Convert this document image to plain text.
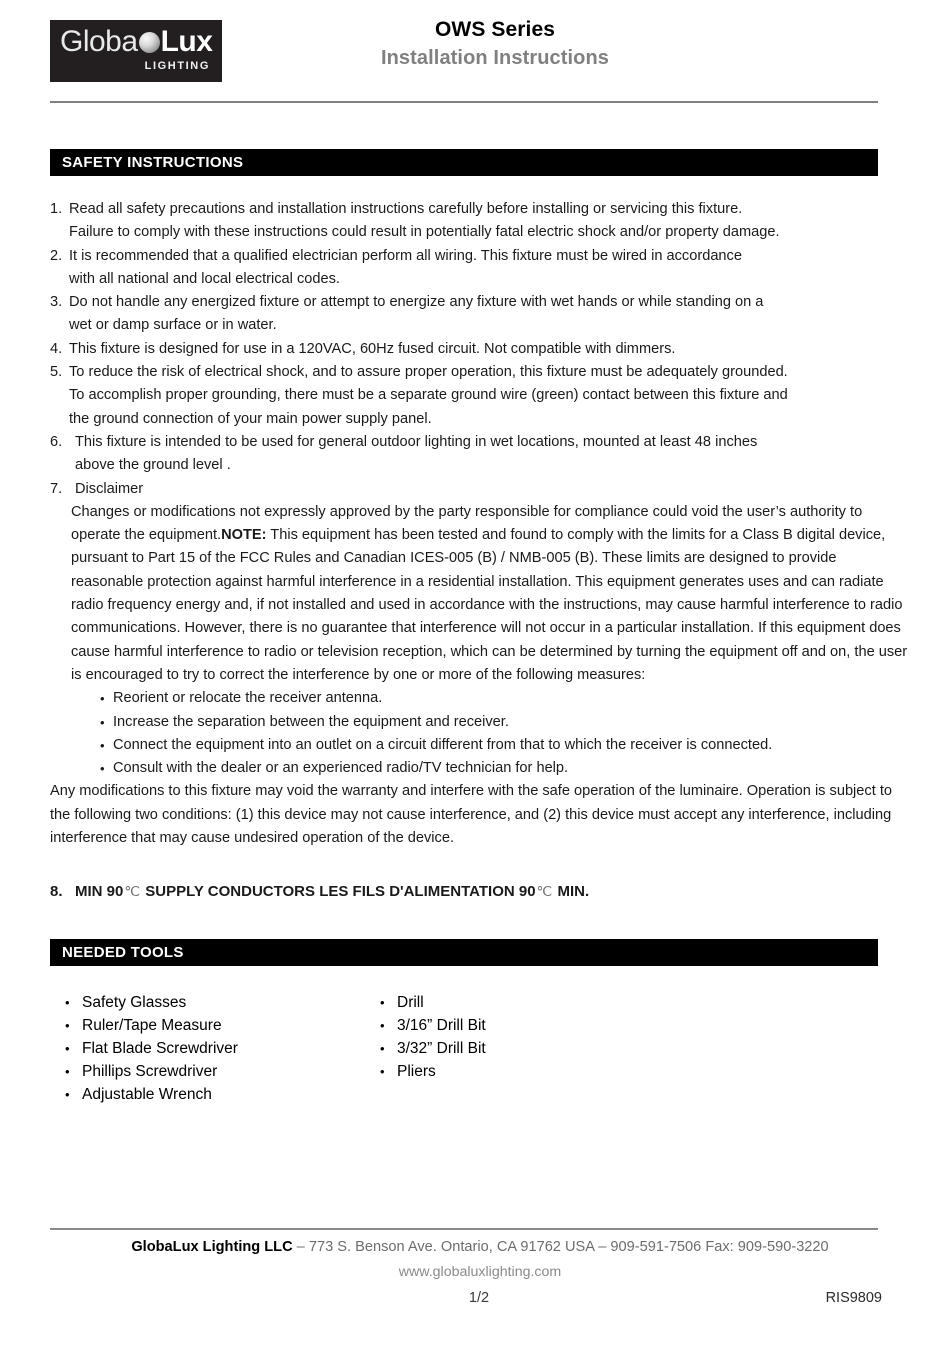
Globa Lux
LIGHTING
OWS Series
Installation Instructions
SAFETY INSTRUCTIONS
1. Read all safety precautions and installation instructions carefully before installing or servicing this fixture.

Failure to comply with these instructions could result in potentially fatal electric shock and/or property damage.

2. It is recommended that a qualified electrician perform all wiring. This fixture must be wired in accordance

with all national and local electrical codes.

3. Do not handle any energized fixture or attempt to energize any fixture with wet hands or while standing on a

wet or damp surface or in water.

4. This fixture is designed for use in a 120VAC, 60Hz fused circuit. Not compatible with dimmers.

5. To reduce the risk of electrical shock, and to assure proper operation, this fixture must be adequately grounded.

To accomplish proper grounding, there must be a separate ground wire (green) contact between this fixture and

the ground connection of your main power supply panel.

6. This fixture is intended to be used for general outdoor lighting in wet locations, mounted at least 48 inches

above the ground level .

7. Disclaimer

Changes or modifications not expressly approved by the party responsible for compliance could void the user’s authority to operate the equipment.NOTE: This equipment has been tested and found to comply with the limits for a Class B digital device, pursuant to Part 15 of the FCC Rules and Canadian ICES-005 (B) / NMB-005 (B). These limits are designed to provide reasonable protection against harmful interference in a residential installation. This equipment generates uses and can radiate radio frequency energy and, if not installed and used in accordance with the instructions, may cause harmful interference to radio communications. However, there is no guarantee that interference will not occur in a particular installation. If this equipment does cause harmful interference to radio or television reception, which can be determined by turning the equipment off and on, the user is encouraged to try to correct the interference by one or more of the following measures:
• Reorient or relocate the receiver antenna.
• Increase the separation between the equipment and receiver.
• Connect the equipment into an outlet on a circuit different from that to which the receiver is connected.
• Consult with the dealer or an experienced radio/TV technician for help.
Any modifications to this fixture may void the warranty and interfere with the safe operation of the luminaire. Operation is subject to the following two conditions: (1) this device may not cause interference, and (2) this device must accept any interference, including interference that may cause undesired operation of the device.
8. MIN 90℃ SUPPLY CONDUCTORS LES FILS D'ALIMENTATION 90℃ MIN.
NEEDED TOOLS
• Safety Glasses
• Ruler/Tape Measure
• Flat Blade Screwdriver
• Phillips Screwdriver
• Adjustable Wrench
• Drill
• 3/16” Drill Bit
• 3/32” Drill Bit
• Pliers
GlobaLux Lighting LLC – 773 S. Benson Ave. Ontario, CA 91762 USA – 909-591-7506 Fax: 909-590-3220
www.globaluxlighting.com
1/2	RIS9809
